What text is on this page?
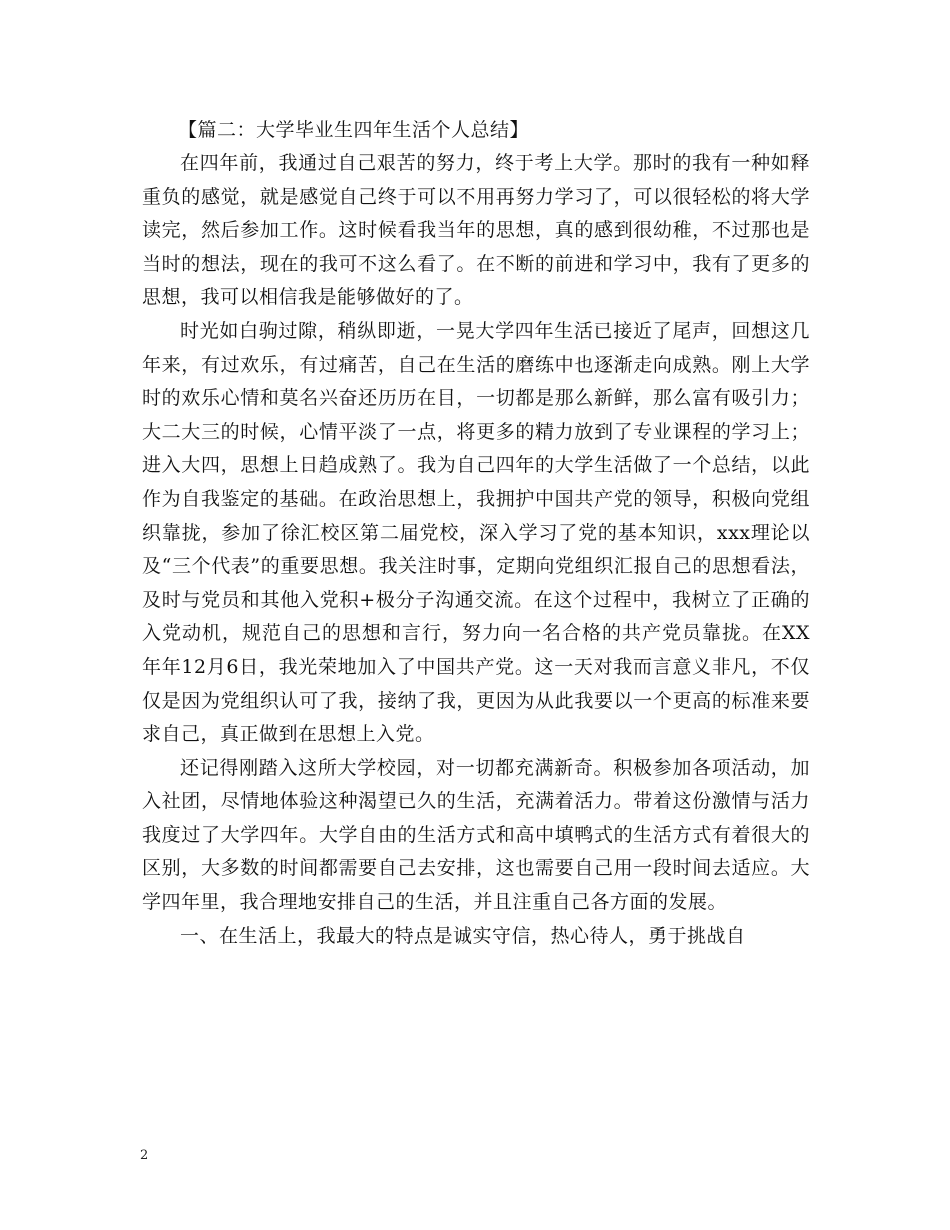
【篇二：大学毕业生四年生活个人总结】

在四年前，我通过自己艰苦的努力，终于考上大学。那时的我有一种如释重负的感觉，就是感觉自己终于可以不用再努力学习了，可以很轻松的将大学读完，然后参加工作。这时候看我当年的思想，真的感到很幼稚，不过那也是当时的想法，现在的我可不这么看了。在不断的前进和学习中，我有了更多的思想，我可以相信我是能够做好的了。

时光如白驹过隙，稍纵即逝，一晃大学四年生活已接近了尾声，回想这几年来，有过欢乐，有过痛苦，自己在生活的磨练中也逐渐走向成熟。刚上大学时的欢乐心情和莫名兴奋还历历在目，一切都是那么新鲜，那么富有吸引力；大二大三的时候，心情平淡了一点，将更多的精力放到了专业课程的学习上；进入大四，思想上日趋成熟了。我为自己四年的大学生活做了一个总结，以此作为自我鉴定的基础。在政治思想上，我拥护中国共产党的领导，积极向党组织靠拢，参加了徐汇校区第二届党校，深入学习了党的基本知识，xxx理论以及“三个代表”的重要思想。我关注时事，定期向党组织汇报自己的思想看法，及时与党员和其他入党积+极分子沟通交流。在这个过程中，我树立了正确的入党动机，规范自己的思想和言行，努力向一名合格的共产党员靠拢。在XX年年12月6日，我光荣地加入了中国共产党。这一天对我而言意义非凡，不仅仅是因为党组织认可了我，接纳了我，更因为从此我要以一个更高的标准来要求自己，真正做到在思想上入党。

还记得刚踏入这所大学校园，对一切都充满新奇。积极参加各项活动，加入社团，尽情地体验这种渴望已久的生活，充满着活力。带着这份激情与活力我度过了大学四年。大学自由的生活方式和高中填鸭式的生活方式有着很大的区别，大多数的时间都需要自己去安排，这也需要自己用一段时间去适应。大学四年里，我合理地安排自己的生活，并且注重自己各方面的发展。

一、在生活上，我最大的特点是诚实守信，热心待人，勇于挑战自

2
